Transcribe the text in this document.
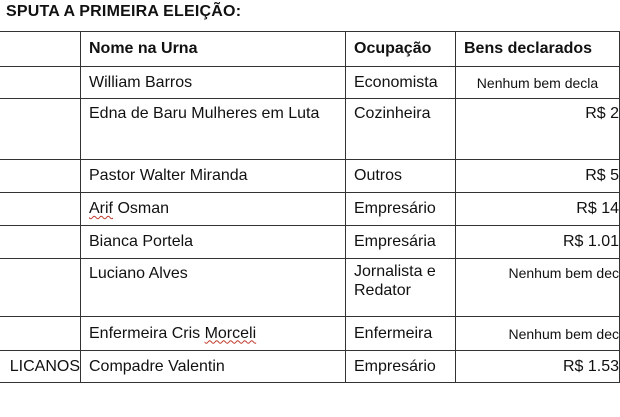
SPUTA A PRIMEIRA ELEIÇÃO:
	Nome na Urna	Ocupação	Bens declarados
	William Barros	Economista	Nenhum bem decla
	Edna de Baru Mulheres em Luta	Cozinheira	R$ 2
	Pastor Walter Miranda	Outros	R$ 5
	Arif Osman	Empresário	R$ 14
	Bianca Portela	Empresária	R$ 1.01
	Luciano Alves	Jornalista e Redator	Nenhum bem dec
	Enfermeira Cris Morceli	Enfermeira	Nenhum bem dec
LICANOS	Compadre Valentin	Empresário	R$ 1.53
